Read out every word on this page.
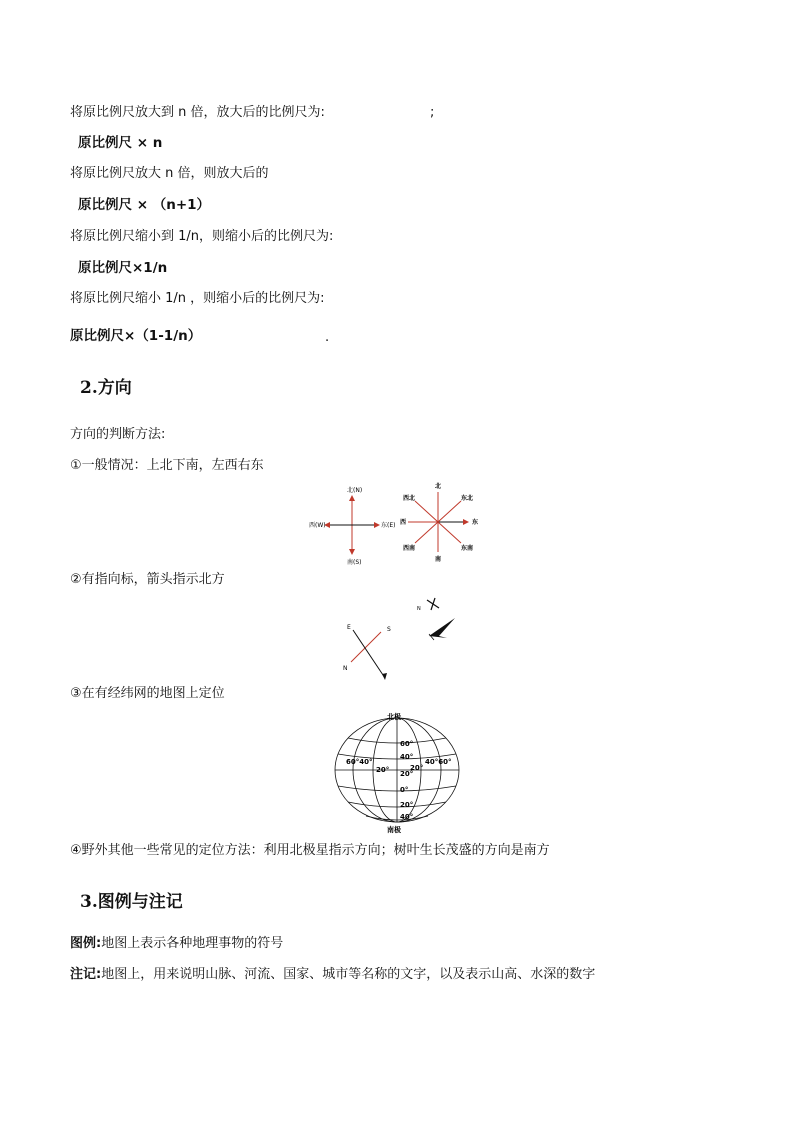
将原比例尺放大到 n 倍，放大后的比例尺为:	;
原比例尺 × n
将原比例尺放大 n 倍，则放大后的
原比例尺 × （n+1）
将原比例尺缩小到 1/n，则缩小后的比例尺为:
原比例尺×1/n
将原比例尺缩小 1/n ，则缩小后的比例尺为:
原比例尺×（1-1/n）	.
2.方向
方向的判断方法:
①一般情况：上北下南，左西右东
北(N)
南(S)
西(W)	东(E)
北
南
西	东
西北	东北
西南	东南
②有指向标，箭头指示北方
E	S
N
N
③在有经纬网的地图上定位
北极
南极
60°
40°
20°
0°
20°
40°
60°40°
20°	20°
40°60°
④野外其他一些常见的定位方法：利用北极星指示方向；树叶生长茂盛的方向是南方
3.图例与注记
图例:地图上表示各种地理事物的符号
注记:地图上，用来说明山脉、河流、国家、城市等名称的文字，以及表示山高、水深的数字
